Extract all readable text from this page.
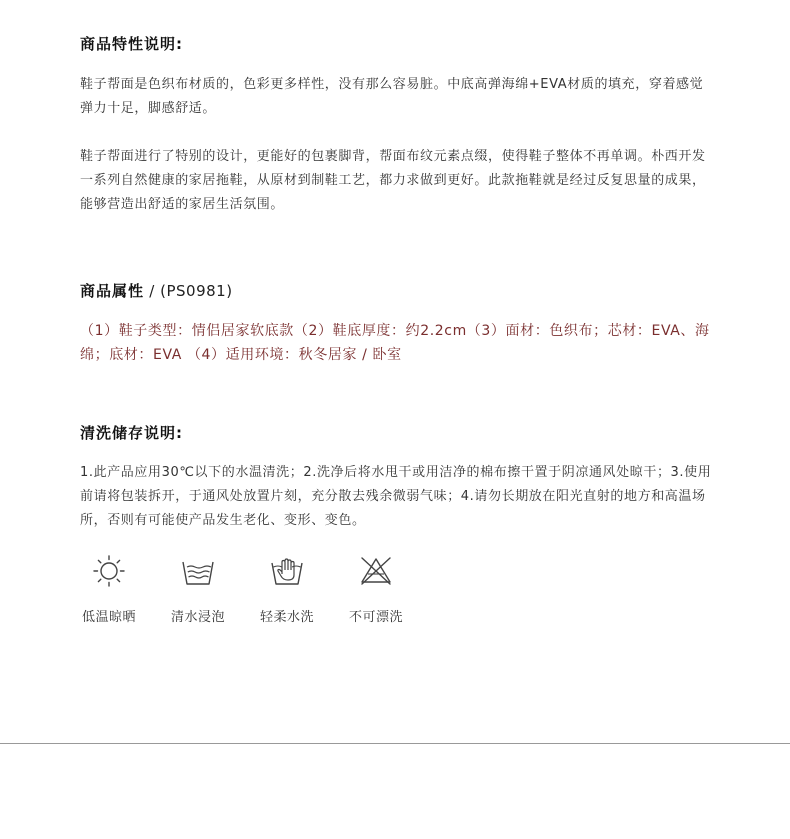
商品特性说明:

鞋子帮面是色织布材质的，色彩更多样性，没有那么容易脏。中底高弹海绵+EVA材质的填充，穿着感觉弹力十足，脚感舒适。

鞋子帮面进行了特别的设计，更能好的包裹脚背，帮面布纹元素点缀，使得鞋子整体不再单调。朴西开发一系列自然健康的家居拖鞋，从原材到制鞋工艺，都力求做到更好。此款拖鞋就是经过反复思量的成果，能够营造出舒适的家居生活氛围。

商品属性 / (PS0981)

（1）鞋子类型：情侣居家软底款（2）鞋底厚度：约2.2cm（3）面材：色织布；芯材：EVA、海绵；底材：EVA （4）适用环境：秋冬居家 / 卧室

清洗储存说明:

1.此产品应用30℃以下的水温清洗；2.洗净后将水甩干或用洁净的棉布擦干置于阴凉通风处晾干；3.使用前请将包装拆开，于通风处放置片刻，充分散去残余微弱气味；4.请勿长期放在阳光直射的地方和高温场所，否则有可能使产品发生老化、变形、变色。

低温晾晒	清水浸泡	轻柔水洗	不可漂洗
